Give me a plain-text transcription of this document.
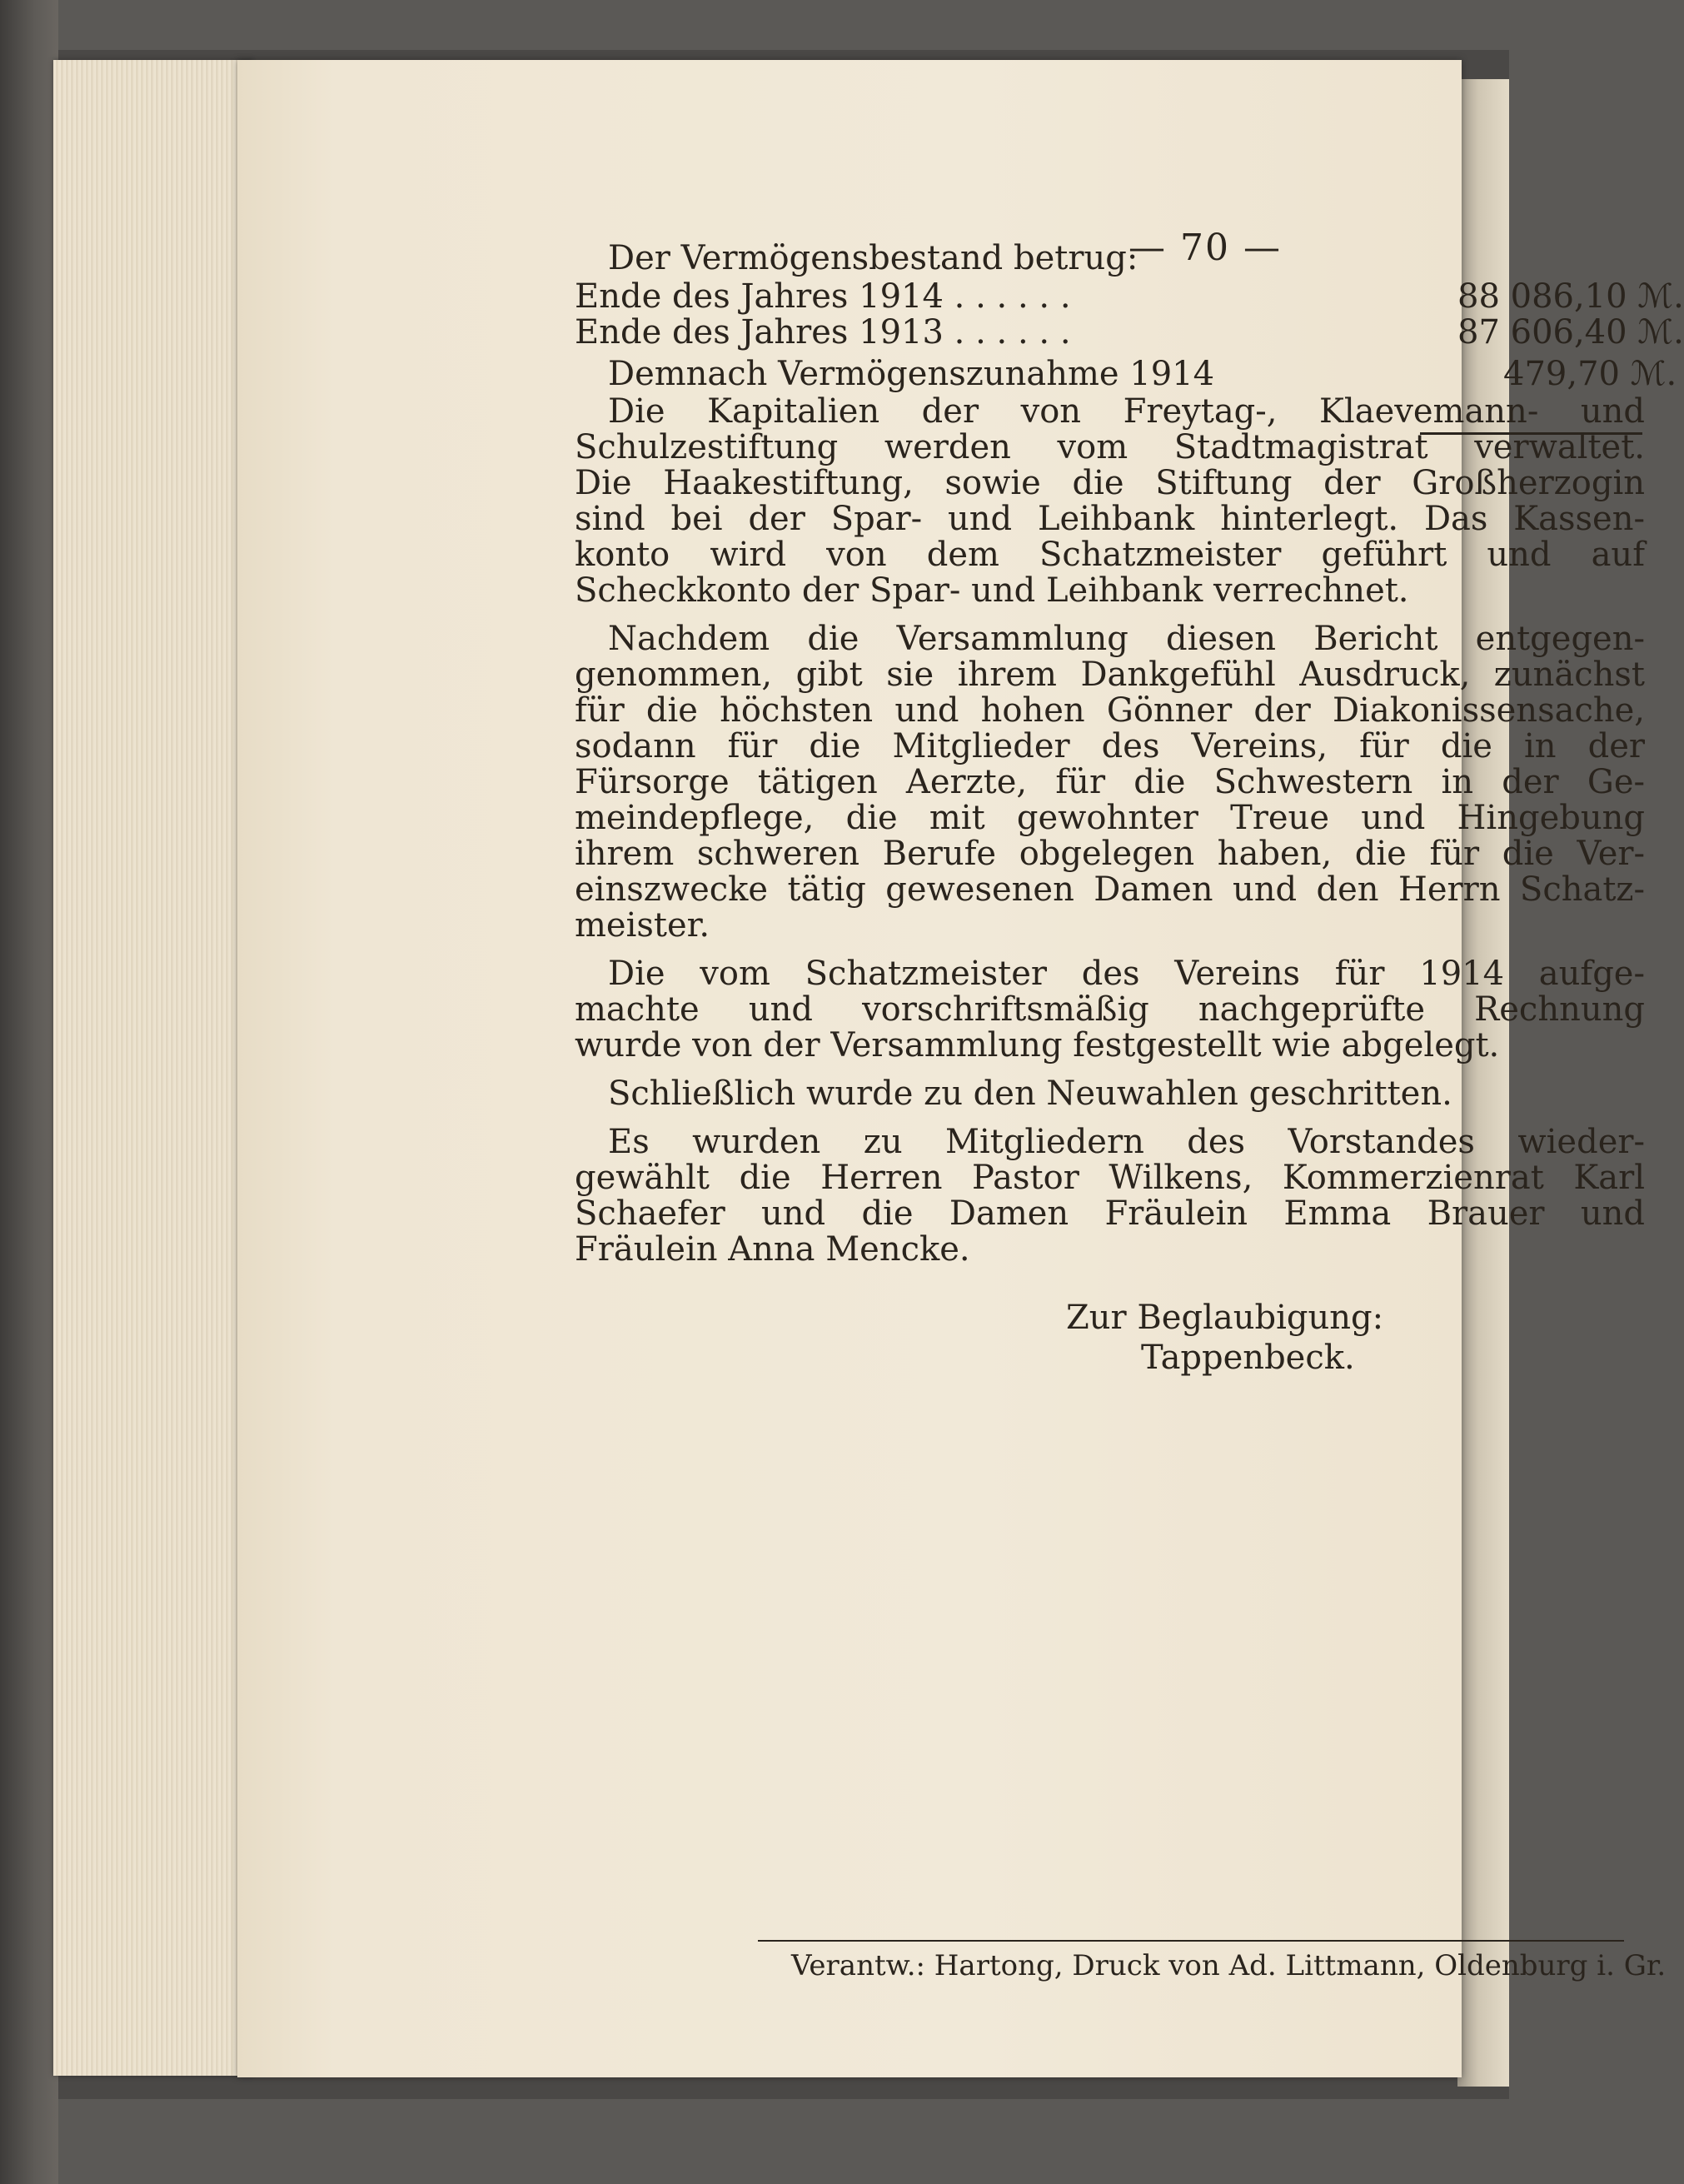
— 70 —
Der Vermögensbestand betrug:
Ende des Jahres 1914 . . . . . .	88 086,10 ℳ.
Ende des Jahres 1913 . . . . . .	87 606,40 ℳ.
Demnach Vermögenszunahme 1914	479,70 ℳ.
Die Kapitalien der von Freytag-, Klaevemann- und
Schulzestiftung werden vom Stadtmagistrat verwaltet.
Die Haakestiftung, sowie die Stiftung der Großherzogin
sind bei der Spar- und Leihbank hinterlegt. Das Kassen-
konto wird von dem Schatzmeister geführt und auf
Scheckkonto der Spar- und Leihbank verrechnet.
Nachdem die Versammlung diesen Bericht entgegen-
genommen, gibt sie ihrem Dankgefühl Ausdruck, zunächst
für die höchsten und hohen Gönner der Diakonissensache,
sodann für die Mitglieder des Vereins, für die in der
Fürsorge tätigen Aerzte, für die Schwestern in der Ge-
meindepflege, die mit gewohnter Treue und Hingebung
ihrem schweren Berufe obgelegen haben, die für die Ver-
einszwecke tätig gewesenen Damen und den Herrn Schatz-
meister.
Die vom Schatzmeister des Vereins für 1914 aufge-
machte und vorschriftsmäßig nachgeprüfte Rechnung
wurde von der Versammlung festgestellt wie abgelegt.
Schließlich wurde zu den Neuwahlen geschritten.
Es wurden zu Mitgliedern des Vorstandes wieder-
gewählt die Herren Pastor Wilkens, Kommerzienrat Karl
Schaefer und die Damen Fräulein Emma Brauer und
Fräulein Anna Mencke.
Zur Beglaubigung:
Tappenbeck.
Verantw.: Hartong, Druck von Ad. Littmann, Oldenburg i. Gr.
